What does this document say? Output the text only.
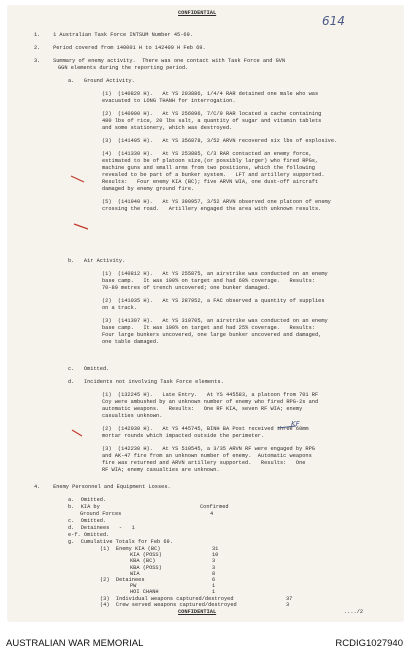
CONFIDENTIAL
614
1. 1 Australian Task Force INTSUM Number 45-69.
2. Period covered from 140001 H to 142400 H Feb 69.
3. Summary of enemy activity.  There was one contact with Task Force and GVN
GGN elements during the reporting period.
a. Ground Activity.
(1)  (140820 H).   At YS 203886, 1/4/4 RAR detained one male who was
evacuated to LONG THANH for interrogation.
(2)  (140900 H).   At YS 256096, 7/C/9 RAR located a cache containing
480 lbs of rice, 20 lbs salt, a quantity of sugar and vitamin tablets
and some stationery, which was destroyed.
(3)  (141405 H).   At YS 356878, 3/52 ARVN recovered six lbs of explosive.
(4)  (141330 H).   At YS 253885, C/3 RAR contacted an enemy force,
estimated to be of platoon size,(or possibly larger) who fired RPGs,
machine guns and small arms from two positions, which the following
revealed to be part of a bunker system.   LFT and artillery supported.
Results:   Four enemy KIA (BC); five ARVN WIA, one dust-off aircraft
damaged by enemy ground fire.
(5)  (141940 H).   At YS 390957, 3/52 ARVN observed one platoon of enemy
crossing the road.   Artillery engaged the area with unknown results.
b. Air Activity.
(1)  (140812 H).   At YS 255875, an airstrike was conducted on an enemy
base camp.   It was 100% on target and had 60% coverage.   Results:
70-80 metres of trench uncovered; one bunker damaged.
(2)  (141035 H).   At YS 287952, a FAC observed a quantity of supplies
on a track.
(3)  (141307 H).   At YS 319705, an airstrike was conducted on an enemy
base camp.   It was 100% on target and had 25% coverage.   Results:
Four large bunkers uncovered, one large bunker uncovered and damaged,
one table damaged.
c. Omitted.
d. Incidents not involving Task Force elements.
(1)  (132245 H).   Late Entry.   At YS 445583, a platoon from 701 RF
Coy were ambushed by an unknown number of enemy who fired RPG-2s and
automatic weapons.   Results:   One RF KIA, seven RF WIA; enemy
casualties unknown.
(2)  (142030 H).   At YS 445745, BINH BA Post received three 60mm
mortar rounds which impacted outside the perimeter.
(3)  (142230 H).   At YS 510545, a 3/35 ARVN RF were engaged by RPG
and AK-47 fire from an unknown number of enemy.  Automatic weapons
fire was returned and ARVN artillery supported.   Results:   One
RF WIA; enemy casualties are unknown.
4. Enemy Personnel and Equipment Losses.
a.  Omitted.
b.  KIA by	Confirmed
Ground Forces	4
c.  Omitted.
d.  Detainees   -   1
e-f. Omitted.
g.  Cumulative Totals for Feb 69.
(1)  Enemy KIA (BC)	31
KIA (POSS)	10
KBA (BC)	3
KBA (POSS)	3
WIA	8
(2)  Detainees	6
PW	1
HOI CHANH	1
(3)  Individual weapons captured/destroyed	37
(4)  Crew served weapons captured/destroyed	3
CONFIDENTIAL	..../2
KF
AUSTRALIAN WAR MEMORIAL	RCDIG1027940
